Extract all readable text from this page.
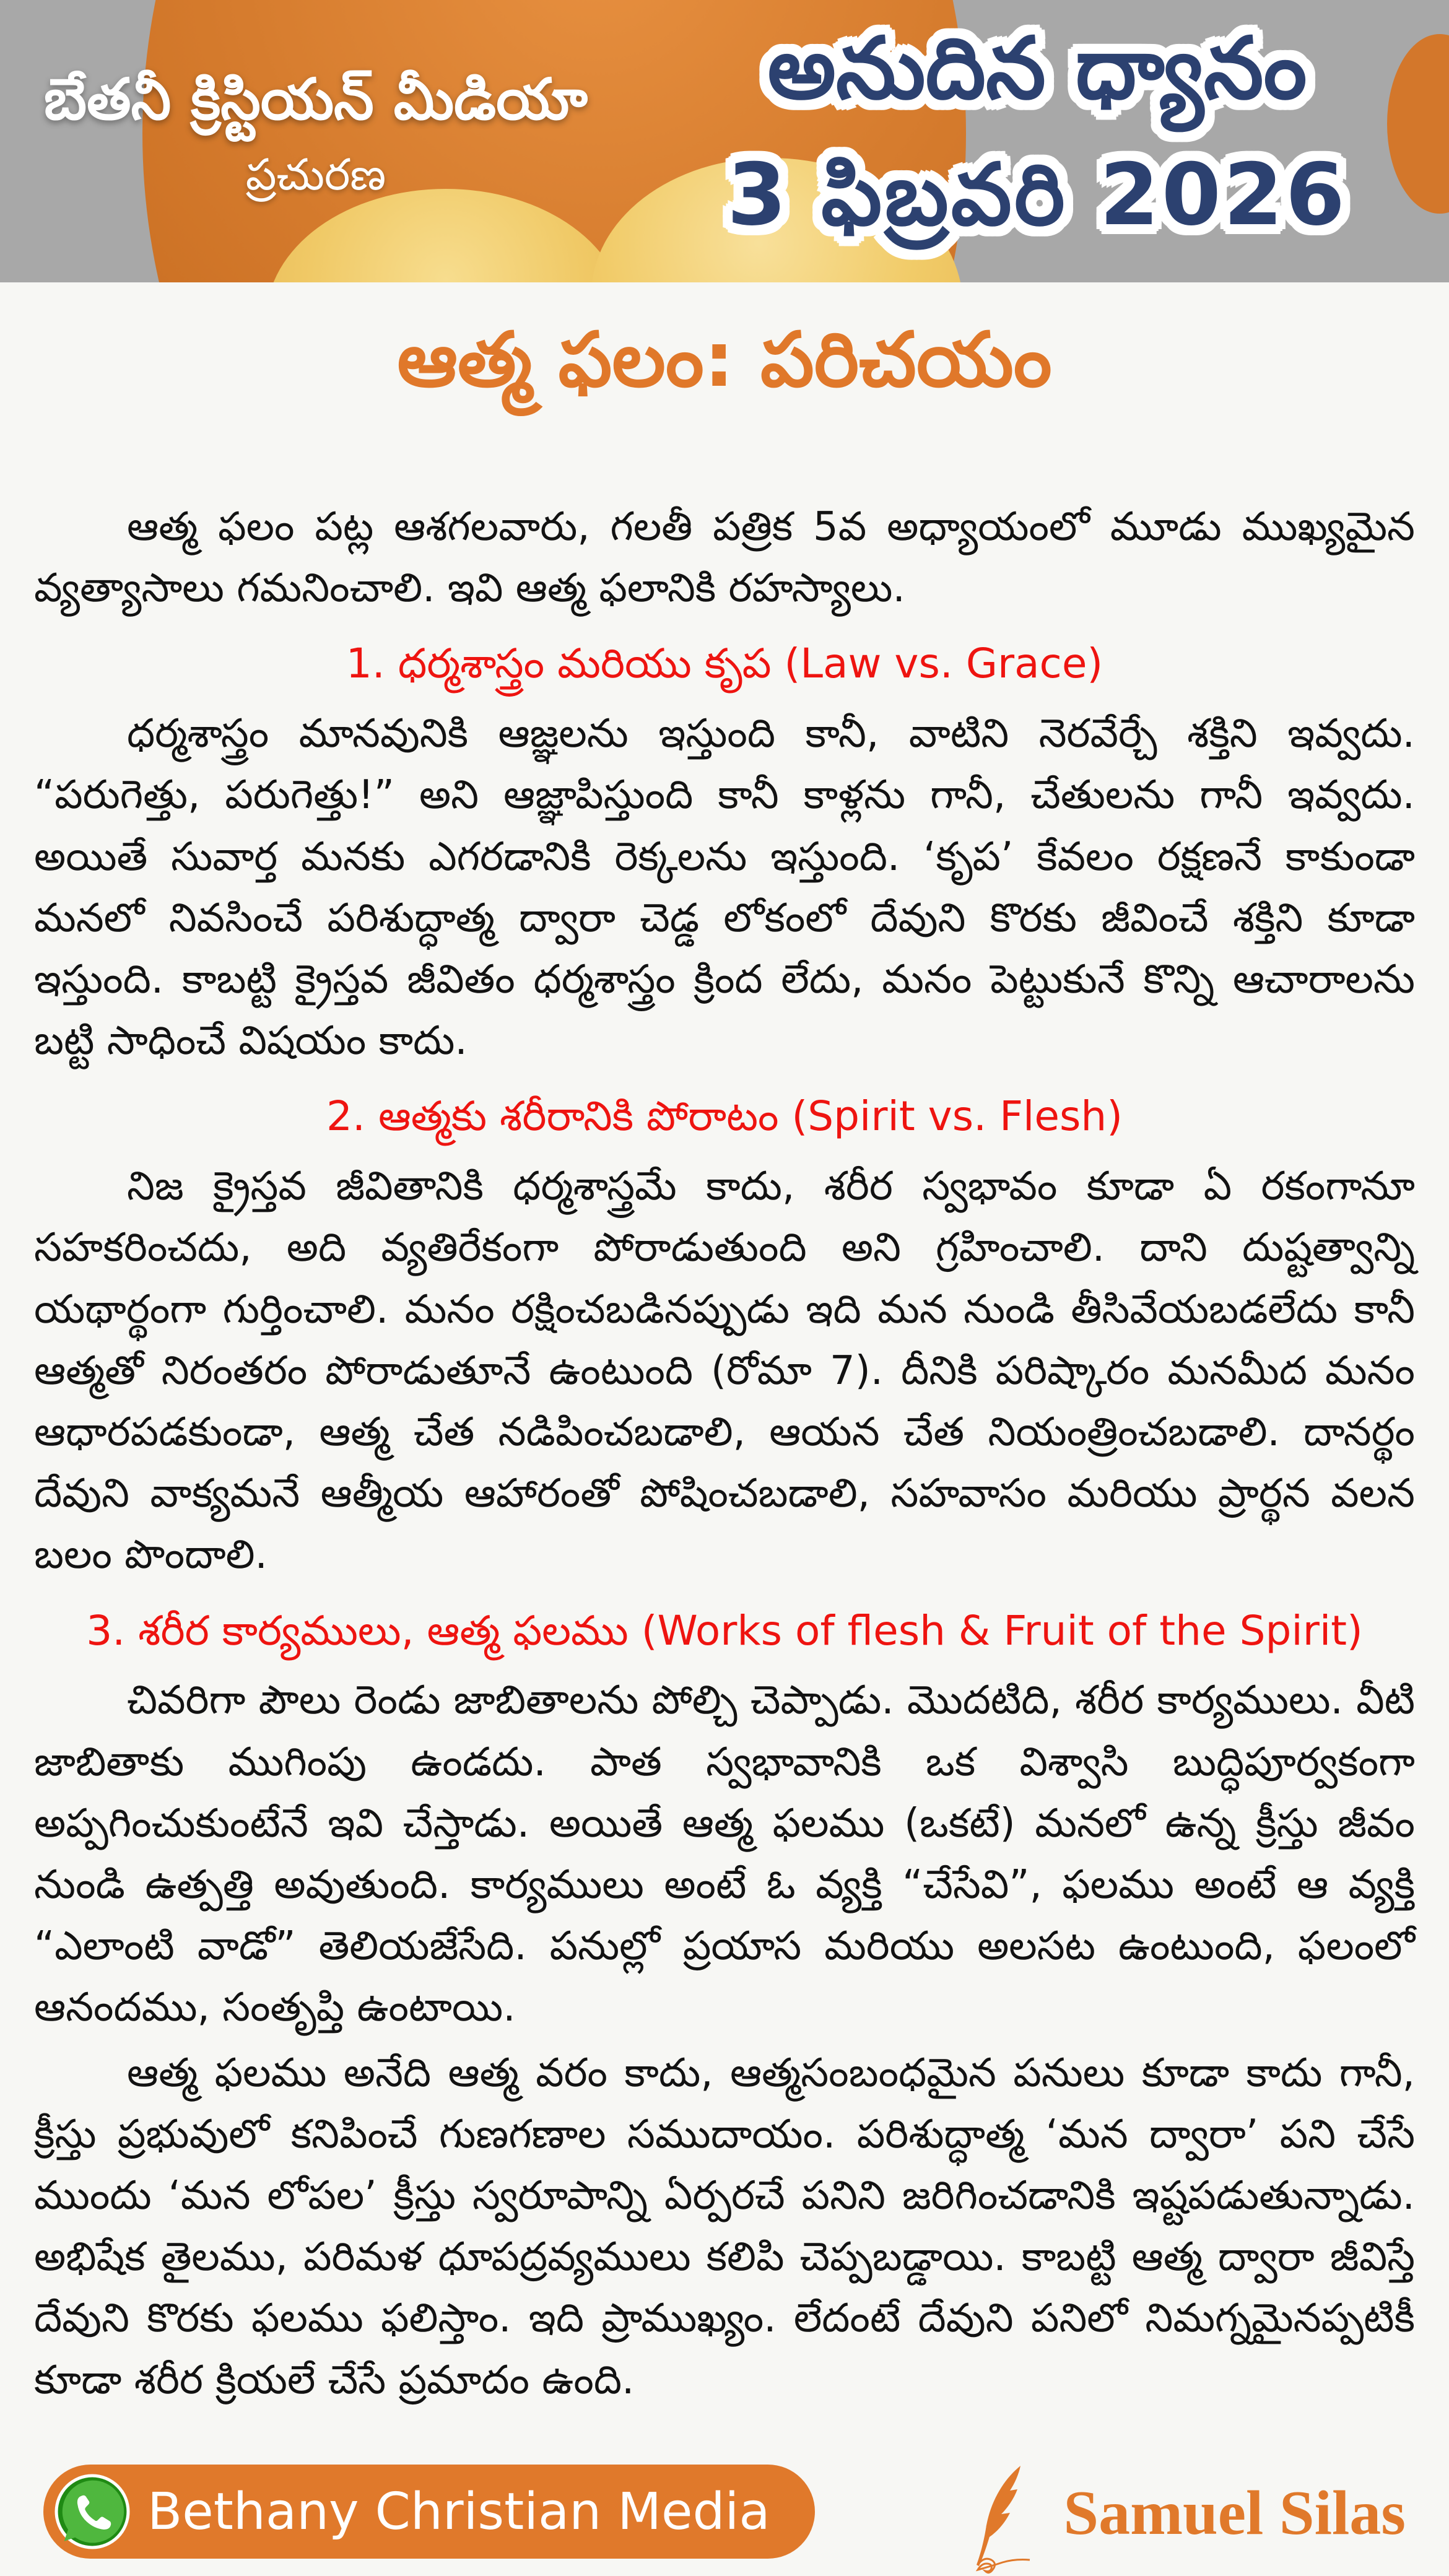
బేతనీ క్రిస్టియన్ మీడియా
ప్రచురణ
అనుదిన ధ్యానం
3 ఫిబ్రవరి 2026
ఆత్మ ఫలం: పరిచయం

ఆత్మ ఫలం పట్ల ఆశగలవారు, గలతీ పత్రిక 5వ అధ్యాయంలో మూడు ముఖ్యమైన వ్యత్యాసాలు గమనించాలి. ఇవి ఆత్మ ఫలానికి రహస్యాలు.

1. ధర్మశాస్త్రం మరియు కృప (Law vs. Grace)

ధర్మశాస్త్రం మానవునికి ఆజ్ఞలను ఇస్తుంది కానీ, వాటిని నెరవేర్చే శక్తిని ఇవ్వదు. “పరుగెత్తు, పరుగెత్తు!” అని ఆజ్ఞాపిస్తుంది కానీ కాళ్లను గానీ, చేతులను గానీ ఇవ్వదు. అయితే సువార్త మనకు ఎగరడానికి రెక్కలను ఇస్తుంది. ‘కృప’ కేవలం రక్షణనే కాకుండా మనలో నివసించే పరిశుద్ధాత్మ ద్వారా చెడ్డ లోకంలో దేవుని కొరకు జీవించే శక్తిని కూడా ఇస్తుంది. కాబట్టి క్రైస్తవ జీవితం ధర్మశాస్త్రం క్రింద లేదు, మనం పెట్టుకునే కొన్ని ఆచారాలను బట్టి సాధించే విషయం కాదు.

2. ఆత్మకు శరీరానికి పోరాటం (Spirit vs. Flesh)

నిజ క్రైస్తవ జీవితానికి ధర్మశాస్త్రమే కాదు, శరీర స్వభావం కూడా ఏ రకంగానూ సహకరించదు, అది వ్యతిరేకంగా పోరాడుతుంది అని గ్రహించాలి. దాని దుష్టత్వాన్ని యథార్థంగా గుర్తించాలి. మనం రక్షించబడినప్పుడు ఇది మన నుండి తీసివేయబడలేదు కానీ ఆత్మతో నిరంతరం పోరాడుతూనే ఉంటుంది (రోమా 7). దీనికి పరిష్కారం మనమీద మనం ఆధారపడకుండా, ఆత్మ చేత నడిపించబడాలి, ఆయన చేత నియంత్రించబడాలి. దానర్థం దేవుని వాక్యమనే ఆత్మీయ ఆహారంతో పోషించబడాలి, సహవాసం మరియు ప్రార్థన వలన బలం పొందాలి.

3. శరీర కార్యములు, ఆత్మ ఫలము (Works of flesh & Fruit of the Spirit)

చివరిగా పౌలు రెండు జాబితాలను పోల్చి చెప్పాడు. మొదటిది, శరీర కార్యములు. వీటి జాబితాకు ముగింపు ఉండదు. పాత స్వభావానికి ఒక విశ్వాసి బుద్ధిపూర్వకంగా అప్పగించుకుంటేనే ఇవి చేస్తాడు. అయితే ఆత్మ ఫలము (ఒకటే) మనలో ఉన్న క్రీస్తు జీవం నుండి ఉత్పత్తి అవుతుంది. కార్యములు అంటే ఓ వ్యక్తి “చేసేవి”, ఫలము అంటే ఆ వ్యక్తి “ఎలాంటి వాడో” తెలియజేసేది. పనుల్లో ప్రయాస మరియు అలసట ఉంటుంది, ఫలంలో ఆనందము, సంతృప్తి ఉంటాయి.

ఆత్మ ఫలము అనేది ఆత్మ వరం కాదు, ఆత్మసంబంధమైన పనులు కూడా కాదు గానీ, క్రీస్తు ప్రభువులో కనిపించే గుణగణాల సముదాయం. పరిశుద్ధాత్మ ‘మన ద్వారా’ పని చేసే ముందు ‘మన లోపల’ క్రీస్తు స్వరూపాన్ని ఏర్పరచే పనిని జరిగించడానికి ఇష్టపడుతున్నాడు. అభిషేక తైలము, పరిమళ ధూపద్రవ్యములు కలిపి చెప్పబడ్డాయి. కాబట్టి ఆత్మ ద్వారా జీవిస్తే దేవుని కొరకు ఫలము ఫలిస్తాం. ఇది ప్రాముఖ్యం. లేదంటే దేవుని పనిలో నిమగ్నమైనప్పటికీ కూడా శరీర క్రియలే చేసే ప్రమాదం ఉంది.

Bethany Christian Media	Samuel Silas
